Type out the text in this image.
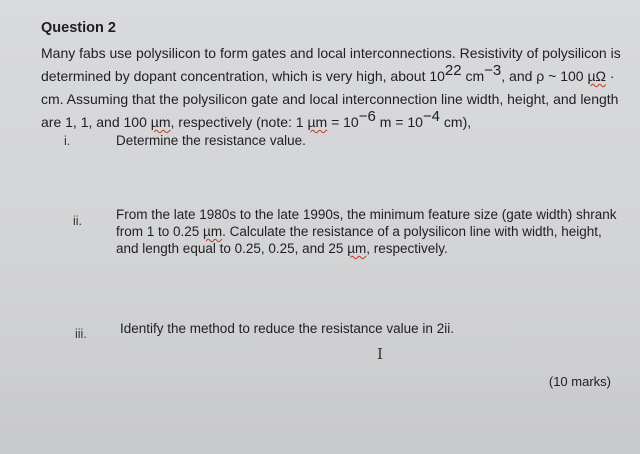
Question 2
Many fabs use polysilicon to form gates and local interconnections. Resistivity of polysilicon is determined by dopant concentration, which is very high, about $10^{22}$ $cm^{-3}$, and ρ ~ 100 µΩ · cm. Assuming that the polysilicon gate and local interconnection line width, height, and length are 1, 1, and 100 µm, respectively (note: 1 $\mu m = 10^{-6}$ $m = 10^{-4}$ cm),
i.	Determine the resistance value.
ii.	From the late 1980s to the late 1990s, the minimum feature size (gate width) shrank from 1 to 0.25 µm. Calculate the resistance of a polysilicon line with width, height, and length equal to 0.25, 0.25, and 25 µm, respectively.
iii. Identify the method to reduce the resistance value in 2ii.
I
(10 marks)
